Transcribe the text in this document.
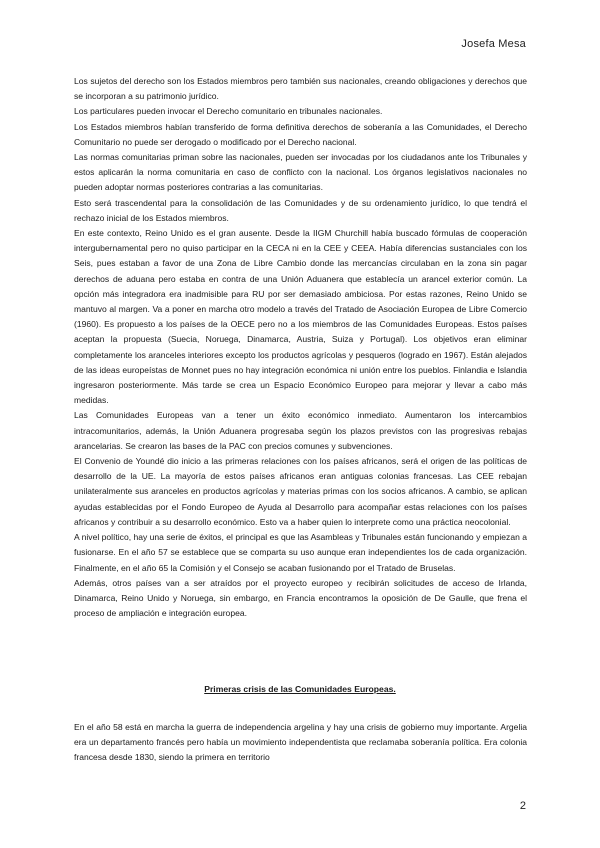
Josefa Mesa

Los sujetos del derecho son los Estados miembros pero también sus nacionales, creando obligaciones y derechos que se incorporan a su patrimonio jurídico.

Los particulares pueden invocar el Derecho comunitario en tribunales nacionales.

Los Estados miembros habían transferido de forma definitiva derechos de soberanía a las Comunidades, el Derecho Comunitario no puede ser derogado o modificado por el Derecho nacional.

Las normas comunitarias priman sobre las nacionales, pueden ser invocadas por los ciudadanos ante los Tribunales y estos aplicarán la norma comunitaria en caso de conflicto con la nacional. Los órganos legislativos nacionales no pueden adoptar normas posteriores contrarias a las comunitarias.

Esto será trascendental para la consolidación de las Comunidades y de su ordenamiento jurídico, lo que tendrá el rechazo inicial de los Estados miembros.

En este contexto, Reino Unido es el gran ausente. Desde la IIGM Churchill había buscado fórmulas de cooperación intergubernamental pero no quiso participar en la CECA ni en la CEE y CEEA. Había diferencias sustanciales con los Seis, pues estaban a favor de una Zona de Libre Cambio donde las mercancías circulaban en la zona sin pagar derechos de aduana pero estaba en contra de una Unión Aduanera que establecía un arancel exterior común. La opción más integradora era inadmisible para RU por ser demasiado ambiciosa. Por estas razones, Reino Unido se mantuvo al margen. Va a poner en marcha otro modelo a través del Tratado de Asociación Europea de Libre Comercio (1960). Es propuesto a los países de la OECE pero no a los miembros de las Comunidades Europeas. Estos países aceptan la propuesta (Suecia, Noruega, Dinamarca, Austria, Suiza y Portugal). Los objetivos eran eliminar completamente los aranceles interiores excepto los productos agrícolas y pesqueros (logrado en 1967). Están alejados de las ideas europeístas de Monnet pues no hay integración económica ni unión entre los pueblos. Finlandia e Islandia ingresaron posteriormente. Más tarde se crea un Espacio Económico Europeo para mejorar y llevar a cabo más medidas.

Las Comunidades Europeas van a tener un éxito económico inmediato. Aumentaron los intercambios intracomunitarios, además, la Unión Aduanera progresaba según los plazos previstos con las progresivas rebajas arancelarias. Se crearon las bases de la PAC con precios comunes y subvenciones.

El Convenio de Youndé dio inicio a las primeras relaciones con los países africanos, será el origen de las políticas de desarrollo de la UE. La mayoría de estos países africanos eran antiguas colonias francesas. Las CEE rebajan unilateralmente sus aranceles en productos agrícolas y materias primas con los socios africanos. A cambio, se aplican ayudas establecidas por el Fondo Europeo de Ayuda al Desarrollo para acompañar estas relaciones con los países africanos y contribuir a su desarrollo económico. Esto va a haber quien lo interprete como una práctica neocolonial.

A nivel político, hay una serie de éxitos, el principal es que las Asambleas y Tribunales están funcionando y empiezan a fusionarse. En el año 57 se establece que se comparta su uso aunque eran independientes los de cada organización. Finalmente, en el año 65 la Comisión y el Consejo se acaban fusionando por el Tratado de Bruselas.

Además, otros países van a ser atraídos por el proyecto europeo y recibirán solicitudes de acceso de Irlanda, Dinamarca, Reino Unido y Noruega, sin embargo, en Francia encontramos la oposición de De Gaulle, que frena el proceso de ampliación e integración europea.

Primeras crisis de las Comunidades Europeas.

En el año 58 está en marcha la guerra de independencia argelina y hay una crisis de gobierno muy importante. Argelia era un departamento francés pero había un movimiento independentista que reclamaba soberanía política. Era colonia francesa desde 1830, siendo la primera en territorio

2
